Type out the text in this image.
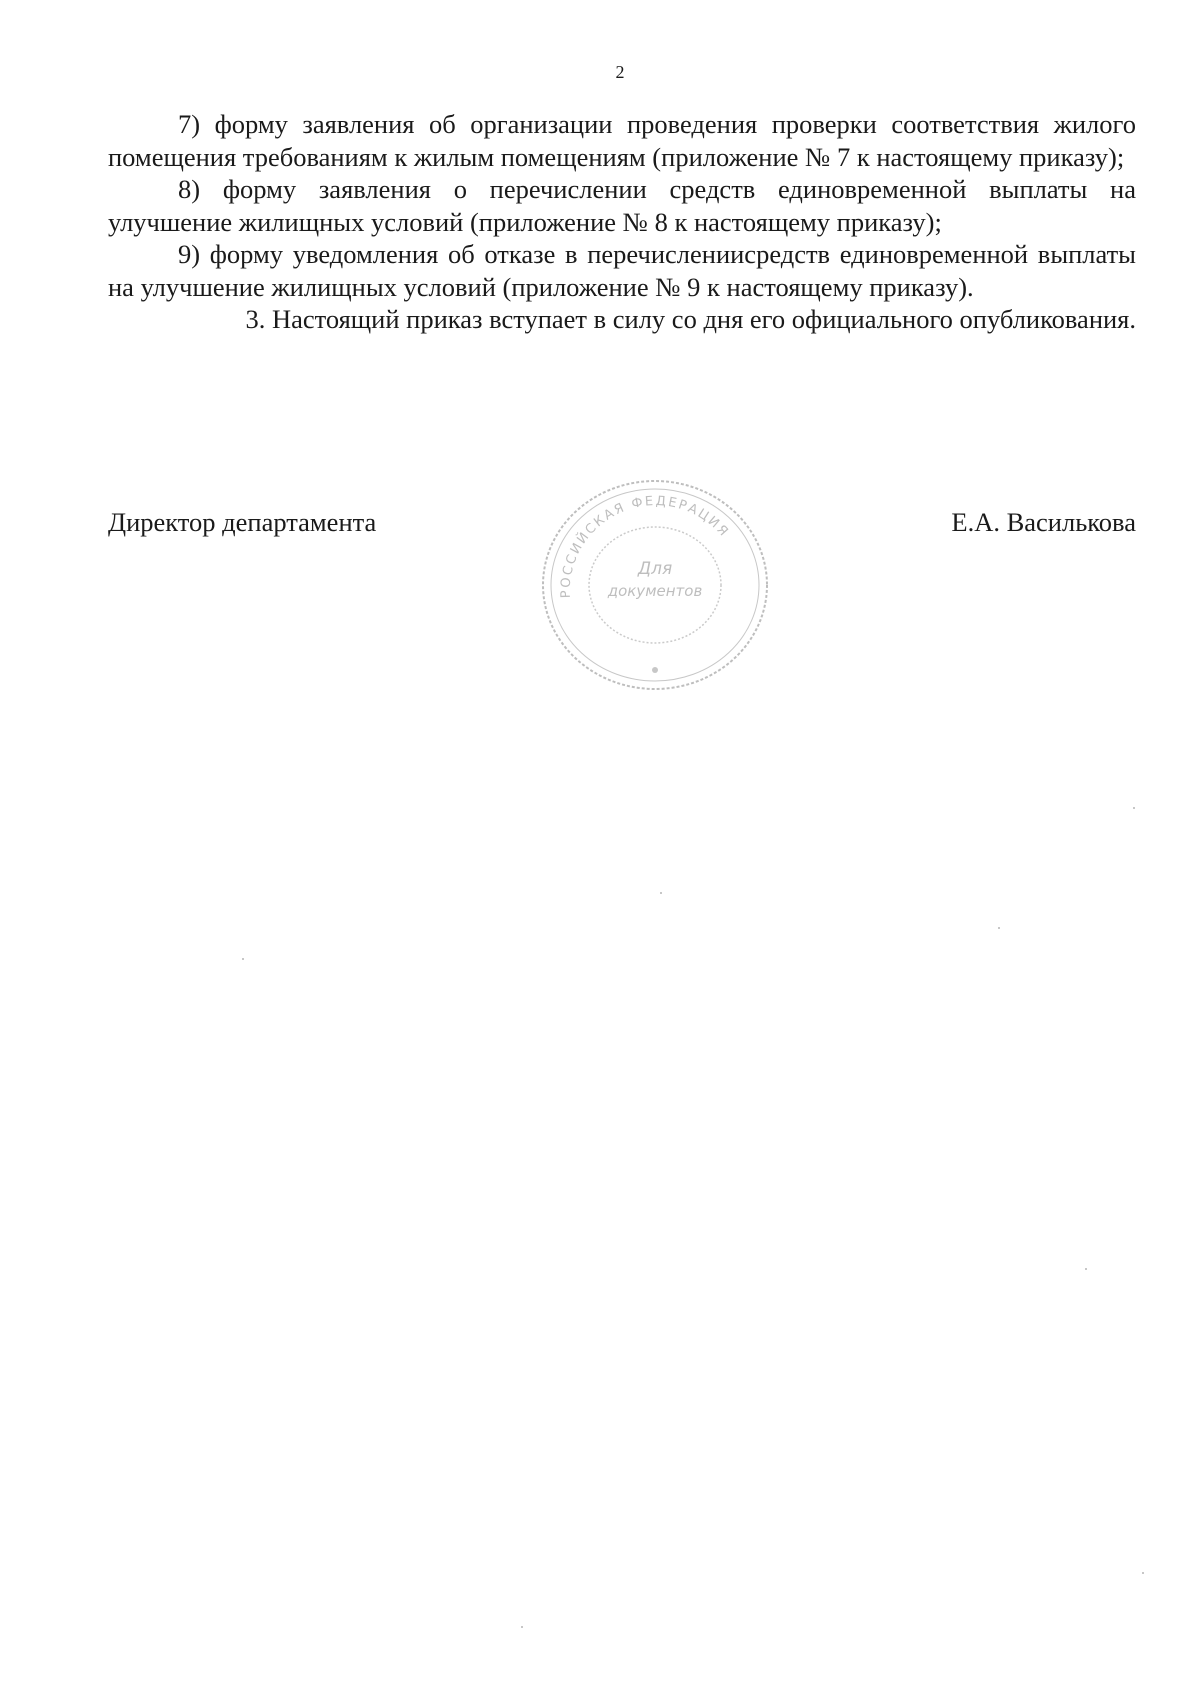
2

7) форму заявления об организации проведения проверки соответствия жилого помещения требованиям к жилым помещениям (приложение № 7 к настоящему приказу);

8) форму заявления о перечислении средств единовременной выплаты на улучшение жилищных условий (приложение № 8 к настоящему приказу);

9) форму уведомления об отказе в перечислениисредств единовременной выплаты на улучшение жилищных условий (приложение № 9 к настоящему приказу).

3. Настоящий приказ вступает в силу со дня его официального опубликования.

Директор департамента	Е.А. Василькова
РОССИЙСКАЯ ФЕДЕРАЦИЯ
Для
документов
